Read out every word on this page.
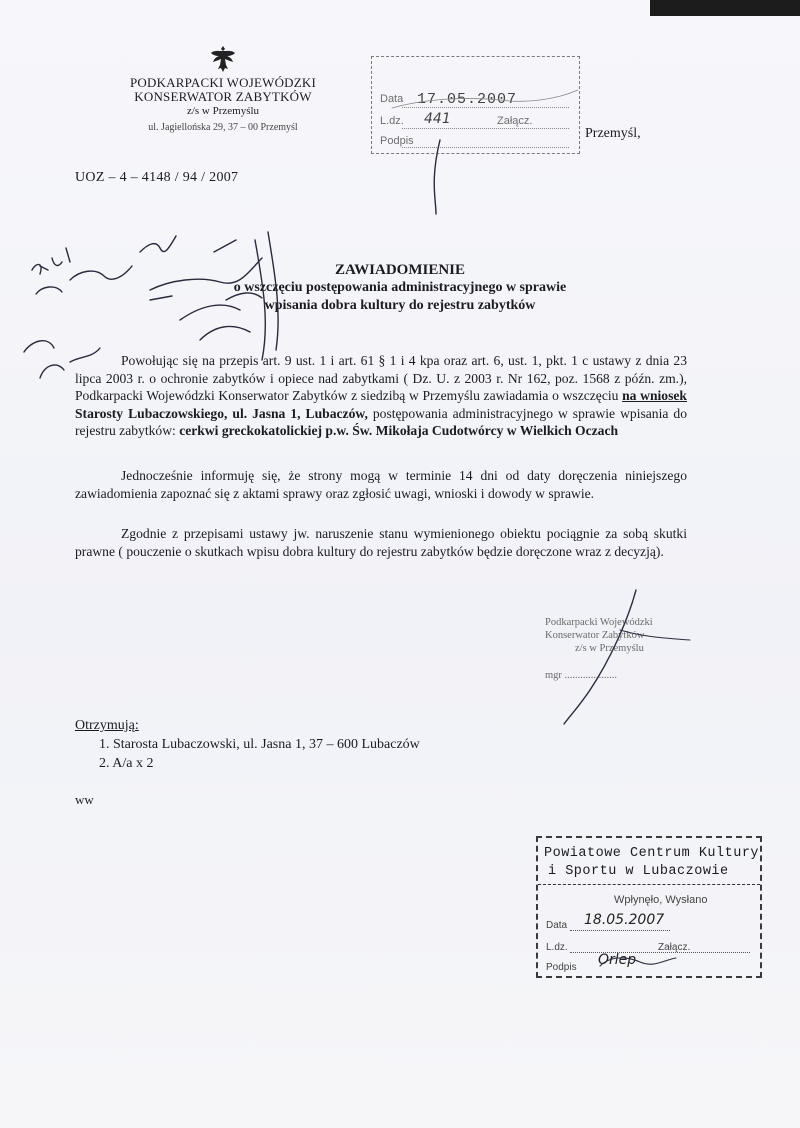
PODKARPACKI WOJEWÓDZKI
KONSERWATOR ZABYTKÓW
z/s w Przemyślu
ul. Jagiellońska 29, 37 – 00 Przemyśl
Data 17.05.2007
L.dz. 441	Załącz.
Podpis	Przemyśl,
UOZ – 4 – 4148 / 94 / 2007
ZAWIADOMIENIE
o wszczęciu postępowania administracyjnego w sprawie
wpisania dobra kultury do rejestru zabytków
Powołując się na przepis art. 9 ust. 1 i art. 61 § 1 i 4 kpa oraz art. 6, ust. 1, pkt. 1 c ustawy z dnia 23 lipca 2003 r. o ochronie zabytków i opiece nad zabytkami ( Dz. U. z 2003 r. Nr 162, poz. 1568 z późn. zm.), Podkarpacki Wojewódzki Konserwator Zabytków z siedzibą w Przemyślu zawiadamia o wszczęciu na wniosek Starosty Lubaczowskiego, ul. Jasna 1, Lubaczów, postępowania administracyjnego w sprawie wpisania do rejestru zabytków: cerkwi greckokatolickiej p.w. Św. Mikołaja Cudotwórcy w Wielkich Oczach
Jednocześnie informuję się, że strony mogą w terminie 14 dni od daty doręczenia niniejszego zawiadomienia zapoznać się z aktami sprawy oraz zgłosić uwagi, wnioski i dowody w sprawie.
Zgodnie z przepisami ustawy jw. naruszenie stanu wymienionego obiektu pociągnie za sobą skutki prawne ( pouczenie o skutkach wpisu dobra kultury do rejestru zabytków będzie doręczone wraz z decyzją).
Podkarpacki Wojewódzki
Konserwator Zabytków
z/s w Przemyślu
mgr ....................
Otrzymują:
1. Starosta Lubaczowski, ul. Jasna 1, 37 – 600 Lubaczów
2. A/a x 2
ww
Powiatowe Centrum Kultury
i Sportu w Lubaczowie
Wpłynęło, Wysłano
Data 18.05.2007
L.dz.	Załącz.
Podpis Orlep
